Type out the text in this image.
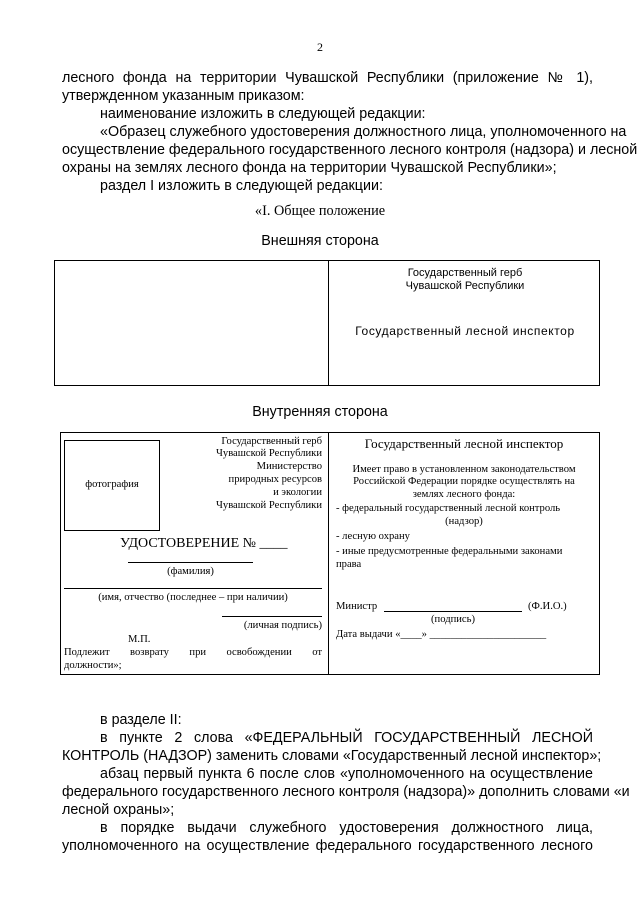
2
лесного фонда на территории Чувашской Республики (приложение № 1),
утвержденном указанным приказом:
наименование изложить в следующей редакции:
«Образец служебного удостоверения должностного лица, уполномоченного на
осуществление федерального государственного лесного контроля (надзора) и лесной
охраны на землях лесного фонда на территории Чувашской Республики»;
раздел I изложить в следующей редакции:
«I. Общее положение
Внешняя сторона
Государственный герб
Чувашской Республики
Государственный лесной инспектор
Внутренняя сторона
фотография
Государственный герб
Чувашской Республики
Министерство
природных ресурсов
и экологии
Чувашской Республики
УДОСТОВЕРЕНИЕ № ____
(фамилия)
(имя, отчество (последнее – при наличии)
(личная подпись)
М.П.
Подлежит возврату при освобождении от
должности»;
Государственный лесной инспектор
Имеет право в установленном законодательством
Российской Федерации порядке осуществлять на
землях лесного фонда:
- федеральный государственный лесной контроль
(надзор)
- лесную охрану
- иные предусмотренные федеральными законами
права
Министр	(Ф.И.О.)
(подпись)
Дата выдачи «____» ______________________
в разделе II:
в пункте 2 слова «ФЕДЕРАЛЬНЫЙ ГОСУДАРСТВЕННЫЙ ЛЕСНОЙ
КОНТРОЛЬ (НАДЗОР) заменить словами «Государственный лесной инспектор»;
абзац первый пункта 6 после слов «уполномоченного на осуществление
федерального государственного лесного контроля (надзора)» дополнить словами «и
лесной охраны»;
в порядке выдачи служебного удостоверения должностного лица,
уполномоченного на осуществление федерального государственного лесного
